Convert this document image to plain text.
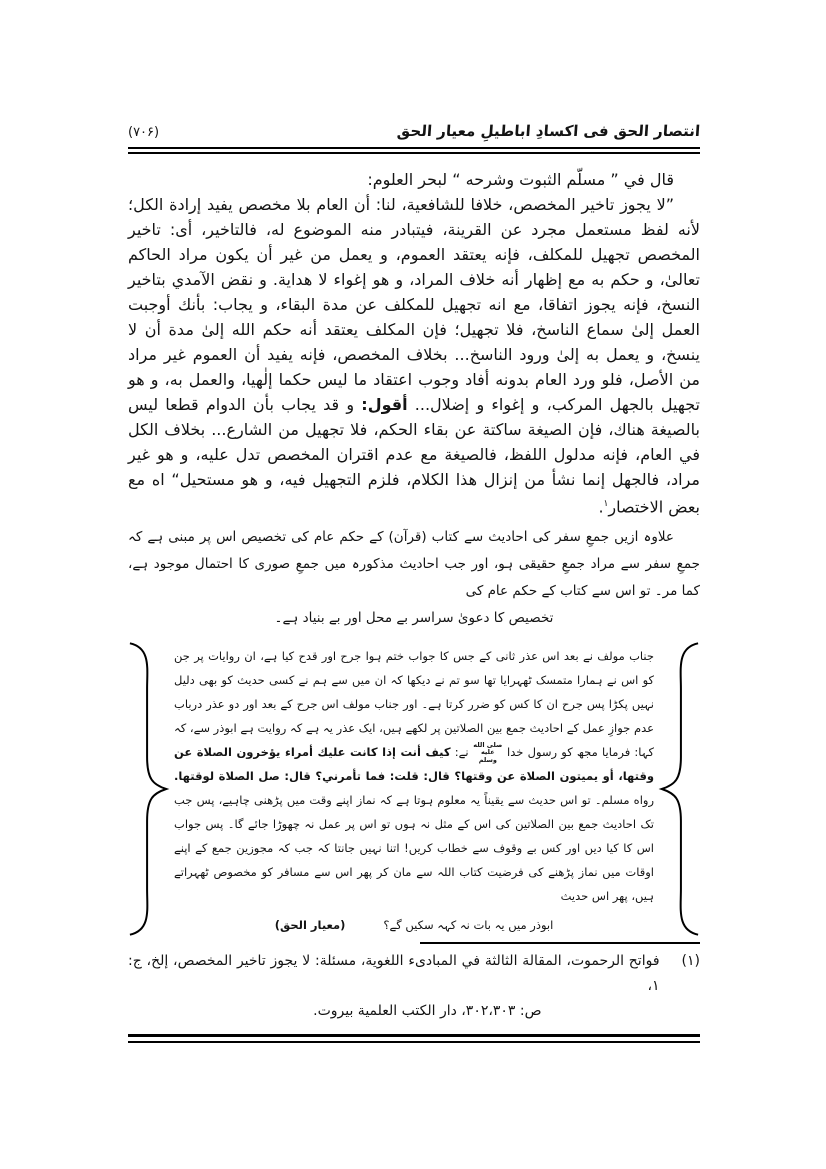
انتصار الحق فی اکسادِ اباطیلِ معیار الحق
(۷۰۶)
قال في ” مسلّم الثبوت وشرحه “ لبحر العلوم:
”لا يجوز تاخير المخصص، خلافا للشافعية، لنا: أن العام بلا مخصص يفيد إرادة الكل؛ لأنه لفظ مستعمل مجرد عن القرينة، فيتبادر منه الموضوع له، فالتاخير، أى: تاخير المخصص تجهيل للمكلف، فإنه يعتقد العموم، و يعمل من غير أن يكون مراد الحاكم تعالىٰ، و حكم به مع إظهار أنه خلاف المراد، و هو إغواء لا هداية. و نقض الآمدي بتاخير النسخ، فإنه يجوز اتفاقا، مع انه تجهيل للمكلف عن مدة البقاء، و يجاب: بأنك أوجبت العمل إلىٰ سماع الناسخ، فلا تجهيل؛ فإن المكلف يعتقد أنه حكم الله إلىٰ مدة أن لا ينسخ، و يعمل به إلىٰ ورود الناسخ... بخلاف المخصص، فإنه يفيد أن العموم غير مراد من الأصل، فلو ورد العام بدونه أفاد وجوب اعتقاد ما ليس حكما إلٰهيا، والعمل به، و هو تجهيل بالجهل المركب، و إغواء و إضلال... أقول: و قد يجاب بأن الدوام قطعا ليس بالصيغة هناك، فإن الصيغة ساكتة عن بقاء الحكم، فلا تجهيل من الشارع... بخلاف الكل في العام، فإنه مدلول اللفظ، فالصيغة مع عدم اقتران المخصص تدل عليه، و هو غير مراد، فالجهل إنما نشأ من إنزال هذا الكلام، فلزم التجهيل فيه، و هو مستحيل“ اه مع بعض الاختصار$^١$.
علاوہ ازیں جمعِ سفر کی احادیث سے کتاب (قرآن) کے حکم عام کی تخصیص اس پر مبنی ہے کہ جمعِ سفر سے مراد جمعِ حقیقی ہو، اور جب احادیث مذکورہ میں جمعِ صوری کا احتمال موجود ہے، کما مر۔ تو اس سے کتاب کے حکم عام کی
تخصیص کا دعویٰ سراسر بے محل اور بے بنیاد ہے۔
جناب مولف نے بعد اس عذر ثانی کے جس کا جواب ختم ہوا جرح اور قدح کیا ہے، ان روایات پر جن کو اس نے ہمارا متمسک ٹھہرایا تھا سو تم نے دیکھا کہ ان میں سے ہم نے کسی حدیث کو بھی دلیل نہیں پکڑا پس جرح ان کا کس کو ضرر کرتا ہے۔ اور جناب مولف اس جرح کے بعد اور دو عذر درباب عدم جوازِ عمل کے احادیث جمع بین الصلاتین پر لکھے ہیں، ایک عذر یہ ہے کہ روایت ہے ابوذر سے، کہ کہا: فرمایا مجھ کو رسول خدا صلى الله عليه وسلم نے: كيف أنت إذا كانت عليك أمراء يؤخرون الصلاة عن وقتها، أو يميتون الصلاة عن وقتها؟ قال: قلت: فما تأمرني؟ قال: صل الصلاة لوقتها. رواه مسلم۔ تو اس حدیث سے یقیناً یہ معلوم ہوتا ہے کہ نماز اپنے وقت میں پڑھنی چاہیے، پس جب تک احادیث جمع بین الصلاتین کی اس کے مثل نہ ہوں تو اس پر عمل نہ چھوڑا جائے گا۔ پس جواب اس کا کیا دیں اور کس بے وقوف سے خطاب کریں! اتنا نہیں جانتا کہ جب کہ مجوزین جمع کے اپنے اوقات میں نماز پڑھنے کی فرضیت کتاب اللہ سے مان کر پھر اس سے مسافر کو مخصوص ٹھہراتے ہیں، پھر اس حدیث
ابوذر میں یہ بات نہ کہہ سکیں گے؟(معیار الحق)
(١)
فواتح الرحموت، المقالة الثالثة في المبادىء اللغوية، مسئلة: لا يجوز تاخير المخصص، إلخ، ج: ١،
ص: ٣٠٢،٣٠٣، دار الكتب العلمية بيروت.
